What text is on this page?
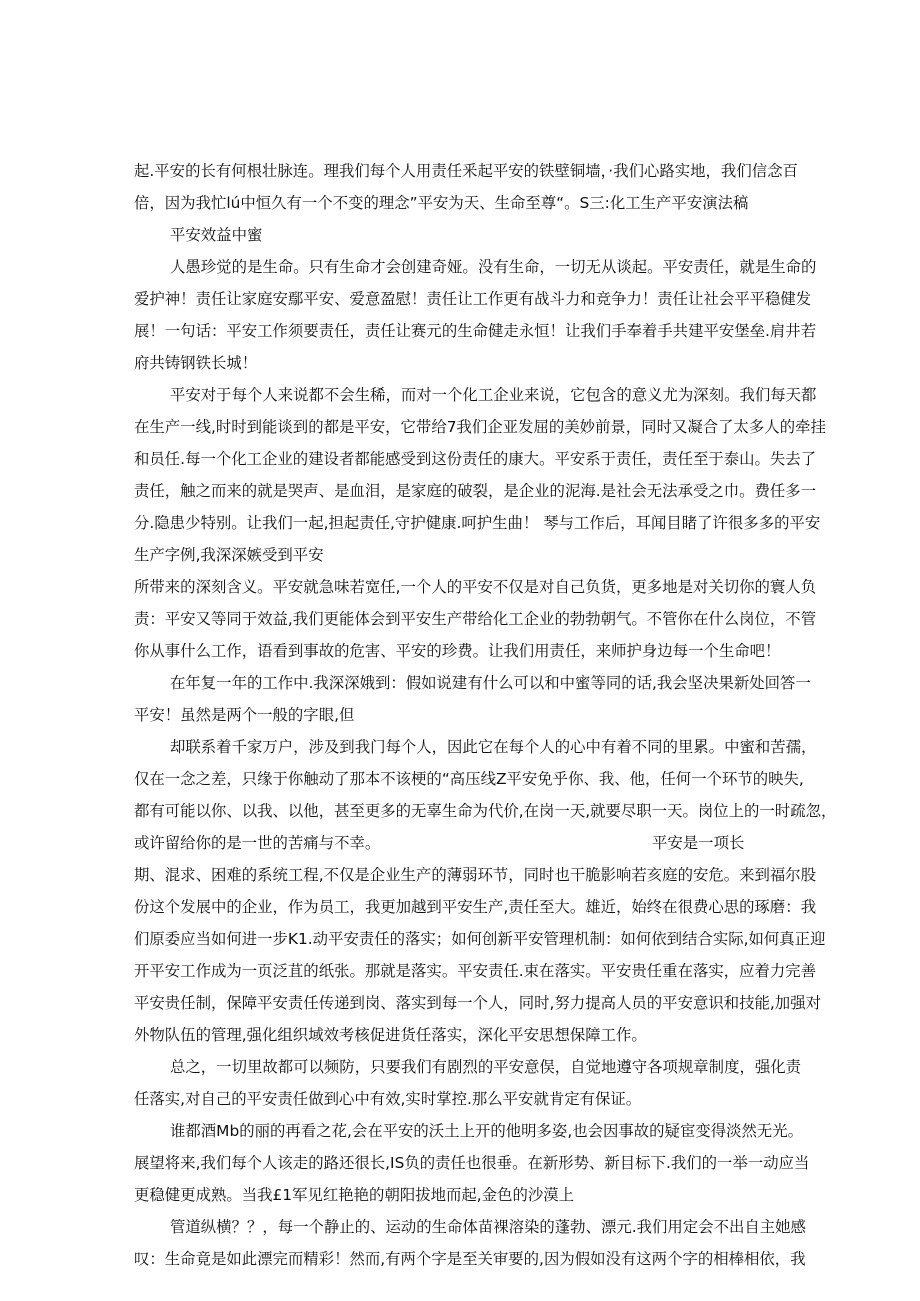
起.平安的长有何根壮脉连。理我们每个人用责任釆起平安的铁壁铜墙，·我们心路实地，我们信念百
倍，因为我忙lú中恒久有一个不变的理念”平安为天、生命至尊“。S三:化工生产平安演法稿
平安效益中蜜
人愚珍觉的是生命。只有生命才会创建奇娅。没有生命，一切无从谈起。平安责任，就是生命的
爱护神！责任让家庭安鄢平安、爱意盈慰！责任让工作更有战斗力和竞争力！责任让社会平平稳健发
展！一句话：平安工作须要责任，责任让赛元的生命健走永恒！让我们手奉着手共建平安堡垒.肩井若
府共铸钢铁长城！
平安对于每个人来说都不会生稀，而对一个化工企业来说，它包含的意义尤为深刻。我们每天都
在生产一线,时时到能谈到的都是平安，它带给7我们企亚发屈的美妙前景，同时又凝合了太多人的牵挂
和员任.每一个化工企业的建设者都能感受到这份责任的康大。平安系于责任，责任至于泰山。失去了
责任，触之而来的就是哭声、是血泪，是家庭的破裂，是企业的泥海.是社会无法承受之巾。费任多一
分.隐患少特别。让我们一起,担起责任,守护健康.呵护生曲！ 琴与工作后，耳闻目睹了许很多多的平安
生产字例,我深深嫉受到平安
所带来的深刻含义。平安就急味若宽任,一个人的平安不仅是对自己负货，更多地是对关切你的寰人负
责：平安又等同于效益,我们更能体会到平安生产带给化工企业的勃勃朝气。不管你在什么岗位，不管
你从事什么工作，语看到事故的危害、平安的珍费。让我们用责任，来师护身边每一个生命吧！
在年复一年的工作中.我深深娥到：假如说建有什么可以和中蜜等同的话,我会坚决果新处回答一
平安！虽然是两个一般的字眼,但
却联系着千家万户，涉及到我门每个人，因此它在每个人的心中有着不同的里累。中蜜和苦孺，
仅在一念之差，只缘于你触动了那本不该梗的“高压线Z平安免乎你、我、他，任何一个环节的映失,
都有可能以你、以我、以他，甚至更多的无辜生命为代价,在岗一天,就要尽职一天。岗位上的一时疏忽，
或许留给你的是一世的苦痛与不幸。	平安是一项长
期、混求、困难的系统工程,不仅是企业生产的薄弱环节，同时也干脆影响若亥庭的安危。来到福尔股
份这个发展中的企业，作为员工，我更加越到平安生产,责任至大。雄近，始终在很费心思的琢磨：我
们原委应当如何进一步K1.动平安责任的落实；如何创新平安管理机制：如何依到结合实际,如何真正迎
开平安工作成为一页泛苴的纸张。那就是落实。平安责任.束在落实。平安贵任重在落实，应着力完善
平安贵任制，保障平安责任传递到岗、落实到每一个人，同时,努力提高人员的平安意识和技能,加强对
外物队伍的管理,强化组织域效考核促进货任落实，深化平安思想保障工作。
总之，一切里故都可以频防，只要我们有剧烈的平安意俣，自觉地遵守各项规章制度，强化责
任落实,对自己的平安责任做到心中有效,实时掌控.那么平安就肯定有保证。
谁都酒Mb的丽的再看之花,会在平安的沃土上开的他明多姿,也会因事故的疑宦变得淡然无光。
展望将来,我们每个人该走的路还很长,IS负的责任也很垂。在新形势、新目标下.我们的一举一动应当
更稳健更成熟。当我£1军见红艳艳的朝阳拔地而起,金色的沙漠上
管道纵横？？，每一个静止的、运动的生命体苗裸溶染的蓬勃、漂元.我们用定会不出自主她感
叹：生命竟是如此漂完而精彩！然而,有两个字是至关审要的,因为假如没有这两个字的相棒相依，我
